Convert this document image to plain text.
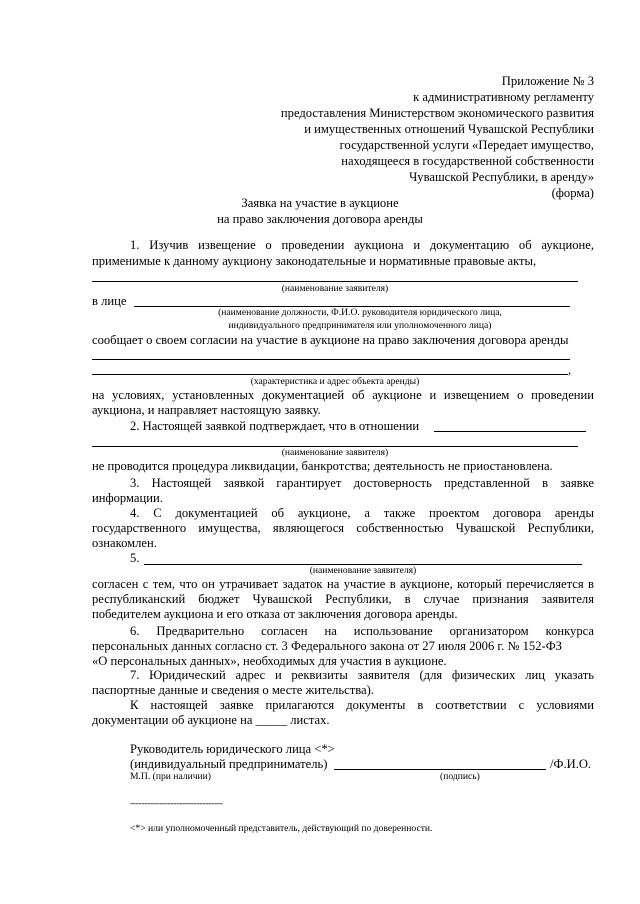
Приложение № 3
к административному регламенту
предоставления Министерством экономического развития
и имущественных отношений Чувашской Республики
государственной услуги «Передает имущество,
находящееся в государственной собственности
Чувашской Республики, в аренду»
(форма)
Заявка на участие в аукционе
на право заключения договора аренды
1. Изучив извещение о проведении аукциона и документацию об аукционе,
применимые к данному аукциону законодательные и нормативные правовые акты,
(наименование заявителя)
в лице
(наименование должности, Ф.И.О. руководителя юридического лица,
индивидуального предпринимателя или уполномоченного лица)
сообщает о своем согласии на участие в аукционе на право заключения договора аренды
,
(характеристика и адрес объекта аренды)
на условиях, установленных документацией об аукционе и извещением о проведении
аукциона, и направляет настоящую заявку.
2. Настоящей заявкой подтверждает, что в отношении
(наименование заявителя)
не проводится процедура ликвидации, банкротства; деятельность не приостановлена.
3. Настоящей заявкой гарантирует достоверность представленной в заявке
информации.
4. С документацией об аукционе, а также проектом договора аренды
государственного имущества, являющегося собственностью Чувашской Республики,
ознакомлен.
5.
(наименование заявителя)
согласен с тем, что он утрачивает задаток на участие в аукционе, который перечисляется в
республиканский бюджет Чувашской Республики, в случае признания заявителя
победителем аукциона и его отказа от заключения договора аренды.
6. Предварительно согласен на использование организатором конкурса
персональных данных согласно ст. 3 Федерального закона от 27 июля 2006 г. № 152-ФЗ
«О персональных данных», необходимых для участия в аукционе.
7. Юридический адрес и реквизиты заявителя (для физических лиц указать
паспортные данные и сведения о месте жительства).
К настоящей заявке прилагаются документы в соответствии с условиями
документации об аукционе на _____ листах.
Руководитель юридического лица <*>
(индивидуальный предприниматель)	/Ф.И.О.
М.П. (при наличии)	(подпись)
--------------------------------
<*> или уполномоченный представитель, действующий по доверенности.
